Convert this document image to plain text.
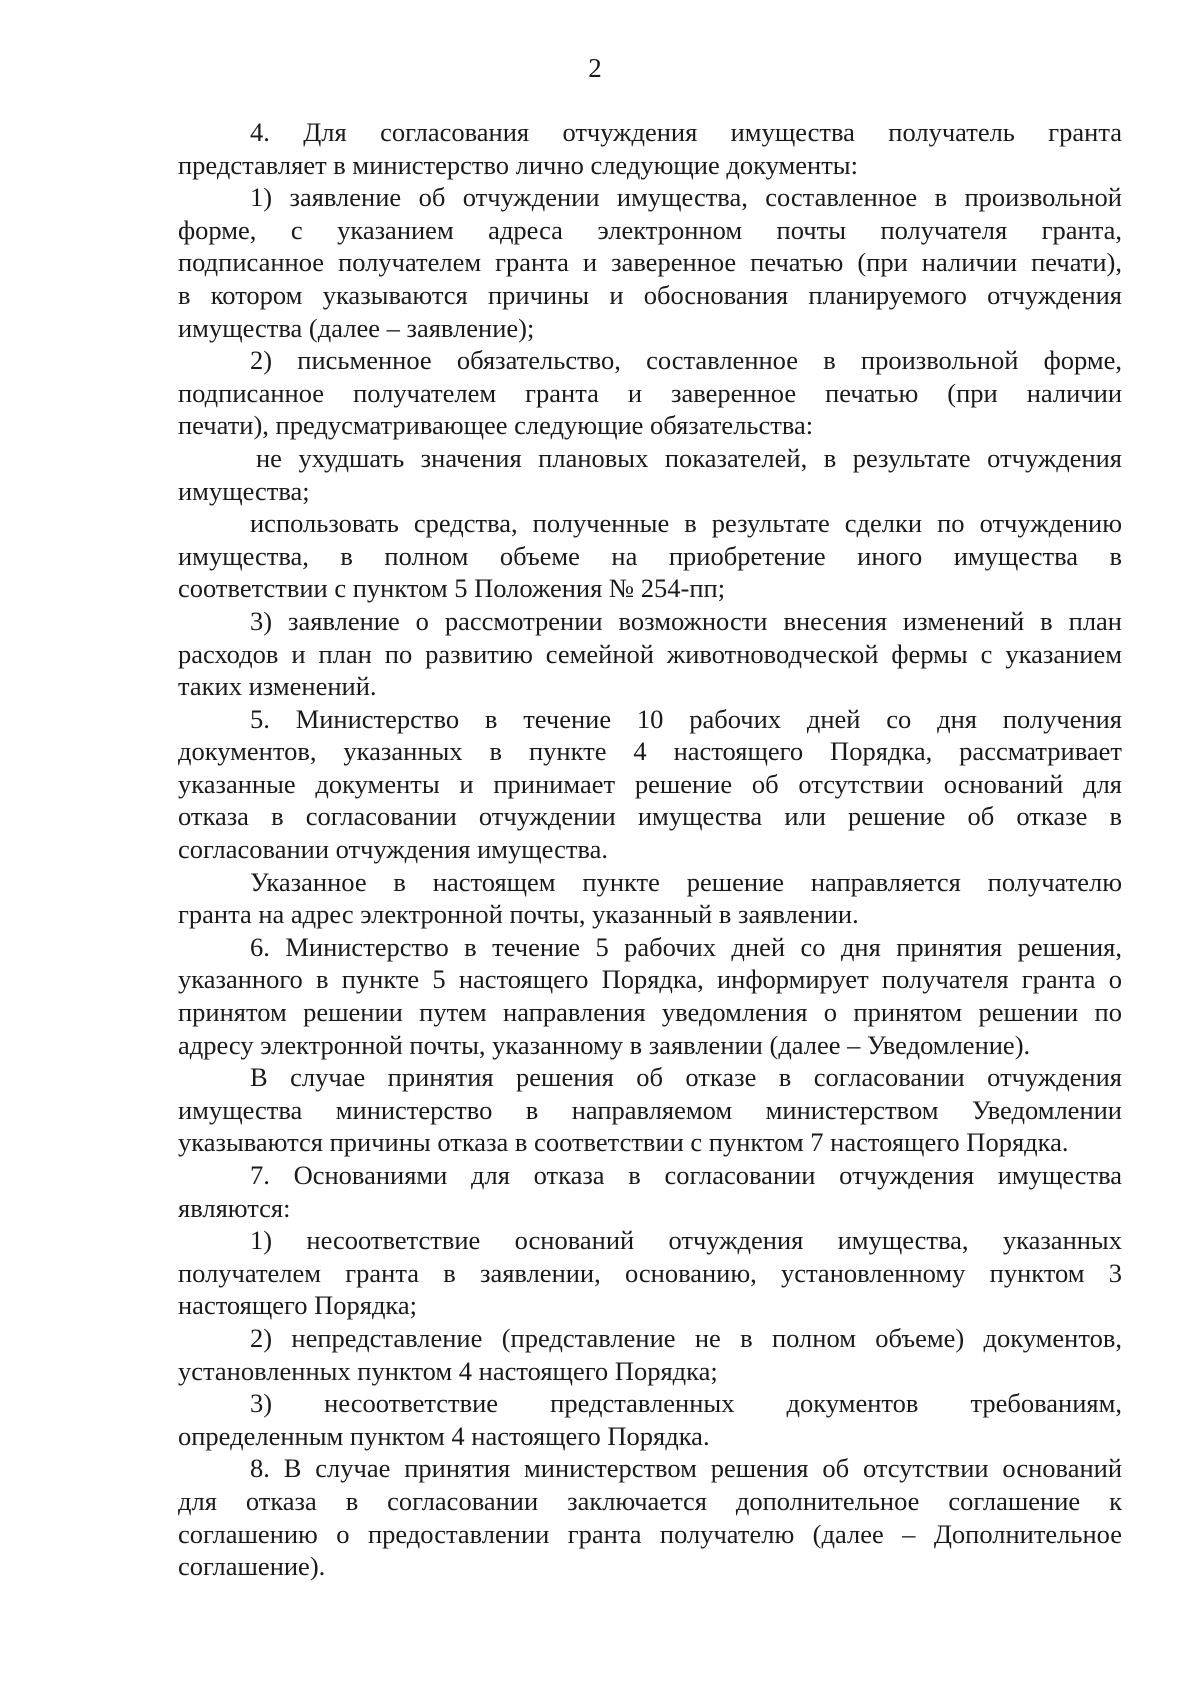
2
4. Для согласования отчуждения имущества получатель гранта
представляет в министерство лично следующие документы:
1) заявление об отчуждении имущества, составленное в произвольной
форме, с указанием адреса электронном почты получателя гранта,
подписанное получателем гранта и заверенное печатью (при наличии печати),
в котором указываются причины и обоснования планируемого отчуждения
имущества (далее – заявление);
2) письменное обязательство, составленное в произвольной форме,
подписанное получателем гранта и заверенное печатью (при наличии
печати), предусматривающее следующие обязательства:
не ухудшать значения плановых показателей, в результате отчуждения
имущества;
использовать средства, полученные в результате сделки по отчуждению
имущества, в полном объеме на приобретение иного имущества в
соответствии с пунктом 5 Положения № 254-пп;
3) заявление о рассмотрении возможности внесения изменений в план
расходов и план по развитию семейной животноводческой фермы с указанием
таких изменений.
5. Министерство в течение 10 рабочих дней со дня получения
документов, указанных в пункте 4 настоящего Порядка, рассматривает
указанные документы и принимает решение об отсутствии оснований для
отказа в согласовании отчуждении имущества или решение об отказе в
согласовании отчуждения имущества.
Указанное в настоящем пункте решение направляется получателю
гранта на адрес электронной почты, указанный в заявлении.
6. Министерство в течение 5 рабочих дней со дня принятия решения,
указанного в пункте 5 настоящего Порядка, информирует получателя гранта о
принятом решении путем направления уведомления о принятом решении по
адресу электронной почты, указанному в заявлении (далее – Уведомление).
В случае принятия решения об отказе в согласовании отчуждения
имущества министерство в направляемом министерством Уведомлении
указываются причины отказа в соответствии с пунктом 7 настоящего Порядка.
7. Основаниями для отказа в согласовании отчуждения имущества
являются:
1) несоответствие оснований отчуждения имущества, указанных
получателем гранта в заявлении, основанию, установленному пунктом 3
настоящего Порядка;
2) непредставление (представление не в полном объеме) документов,
установленных пунктом 4 настоящего Порядка;
3) несоответствие представленных документов требованиям,
определенным пунктом 4 настоящего Порядка.
8. В случае принятия министерством решения об отсутствии оснований
для отказа в согласовании заключается дополнительное соглашение к
соглашению о предоставлении гранта получателю (далее – Дополнительное
соглашение).
